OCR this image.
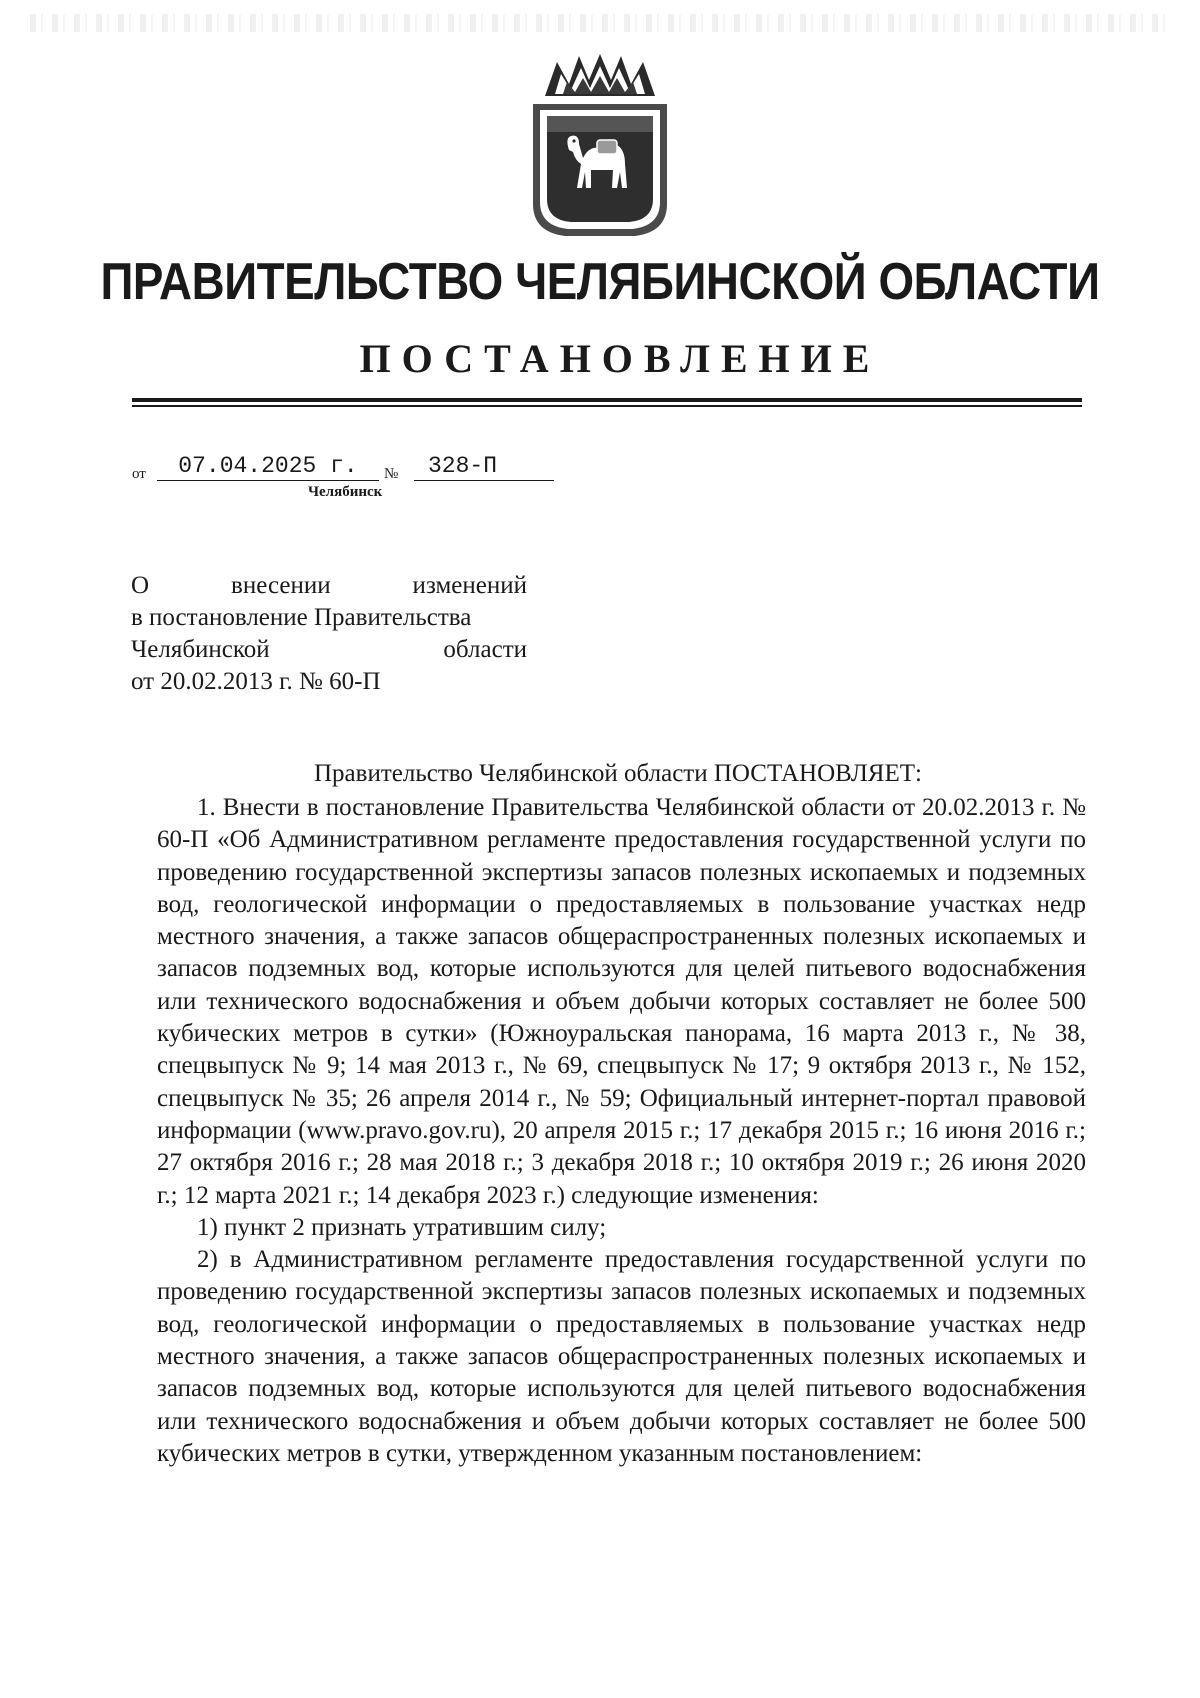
ПРАВИТЕЛЬСТВО ЧЕЛЯБИНСКОЙ ОБЛАСТИ
ПОСТАНОВЛЕНИЕ
от	07.04.2025 г.	№	328-П
Челябинск
О внесении изменений
в постановление Правительства
Челябинской области
от 20.02.2013 г. № 60-П
Правительство Челябинской области ПОСТАНОВЛЯЕТ:

1. Внести в постановление Правительства Челябинской области от 20.02.2013 г. № 60-П «Об Административном регламенте предоставления государственной услуги по проведению государственной экспертизы запасов полезных ископаемых и подземных вод, геологической информации о предоставляемых в пользование участках недр местного значения, а также запасов общераспространенных полезных ископаемых и запасов подземных вод, которые используются для целей питьевого водоснабжения или технического водоснабжения и объем добычи которых составляет не более 500 кубических метров в сутки» (Южноуральская панорама, 16 марта 2013 г., № 38, спецвыпуск № 9; 14 мая 2013 г., № 69, спецвыпуск № 17; 9 октября 2013 г., № 152, спецвыпуск № 35; 26 апреля 2014 г., № 59; Официальный интернет-портал правовой информации (www.pravo.gov.ru), 20 апреля 2015 г.; 17 декабря 2015 г.; 16 июня 2016 г.; 27 октября 2016 г.; 28 мая 2018 г.; 3 декабря 2018 г.; 10 октября 2019 г.; 26 июня 2020 г.; 12 марта 2021 г.; 14 декабря 2023 г.) следующие изменения:

1) пункт 2 признать утратившим силу;

2) в Административном регламенте предоставления государственной услуги по проведению государственной экспертизы запасов полезных ископаемых и подземных вод, геологической информации о предоставляемых в пользование участках недр местного значения, а также запасов общераспространенных полезных ископаемых и запасов подземных вод, которые используются для целей питьевого водоснабжения или технического водоснабжения и объем добычи которых составляет не более 500 кубических метров в сутки, утвержденном указанным постановлением:
